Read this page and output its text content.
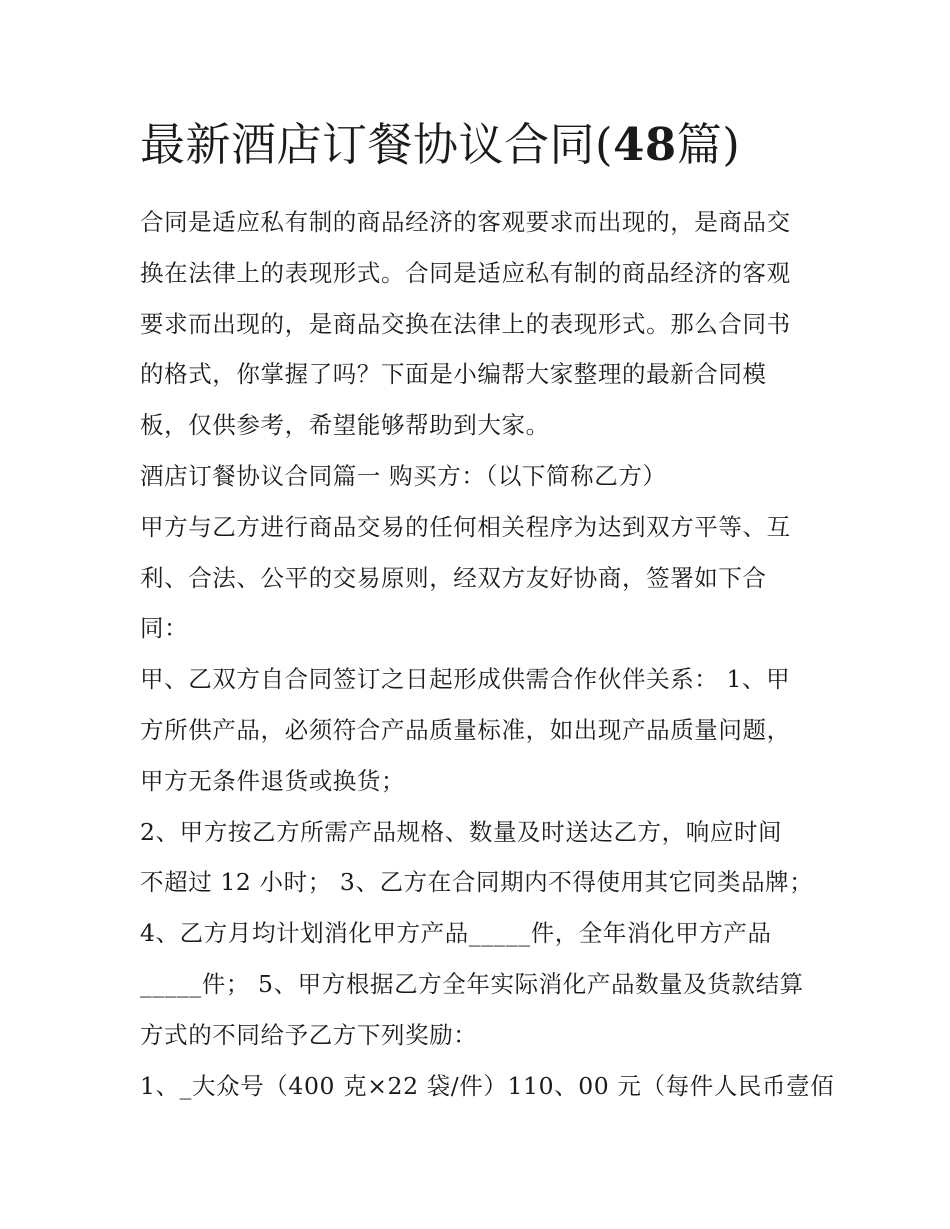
最新酒店订餐协议合同(48篇)

合同是适应私有制的商品经济的客观要求而出现的，是商品交

换在法律上的表现形式。合同是适应私有制的商品经济的客观

要求而出现的，是商品交换在法律上的表现形式。那么合同书

的格式，你掌握了吗？下面是小编帮大家整理的最新合同模

板，仅供参考，希望能够帮助到大家。

酒店订餐协议合同篇一 购买方：（以下简称乙方）

甲方与乙方进行商品交易的任何相关程序为达到双方平等、互

利、合法、公平的交易原则，经双方友好协商，签署如下合

同：

甲、乙双方自合同签订之日起形成供需合作伙伴关系： 1、甲

方所供产品，必须符合产品质量标准，如出现产品质量问题，

甲方无条件退货或换货；

2、甲方按乙方所需产品规格、数量及时送达乙方，响应时间

不超过 12 小时； 3、乙方在合同期内不得使用其它同类品牌；

4、乙方月均计划消化甲方产品_____件，全年消化甲方产品

_____件； 5、甲方根据乙方全年实际消化产品数量及货款结算

方式的不同给予乙方下列奖励：

1、_大众号（400 克×22 袋/件）110、00 元（每件人民币壹佰
